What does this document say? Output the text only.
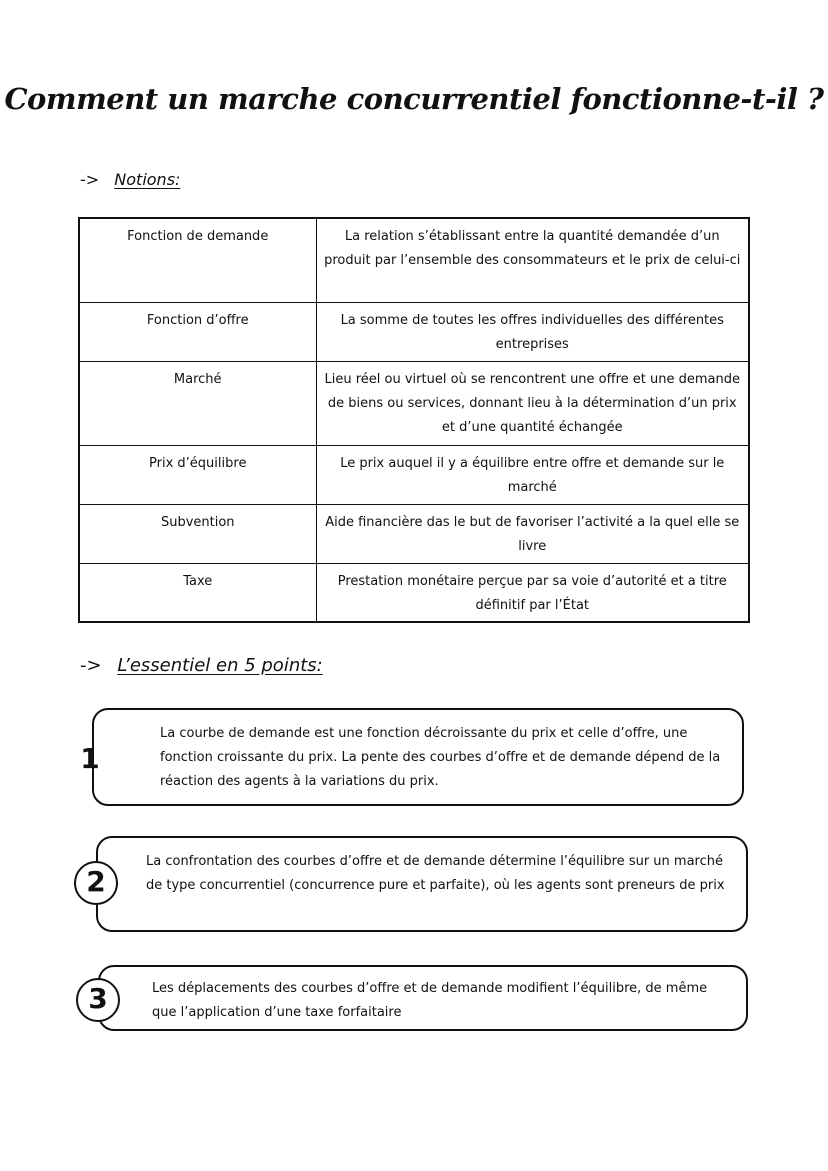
Comment un marche concurrentiel fonctionne-t-il ?
-> Notions:
Fonction de demande	La relation s’établissant entre la quantité demandée d’un produit par l’ensemble des consommateurs et le prix de celui-ci
Fonction d’offre	La somme de toutes les offres individuelles des différentes entreprises
Marché	Lieu réel ou virtuel où se rencontrent une offre et une demande de biens ou services, donnant lieu à la détermination d’un prix et d’une quantité échangée
Prix d’équilibre	Le prix auquel il y a équilibre entre offre et demande sur le marché
Subvention	Aide financière das le but de favoriser l’activité a la quel elle se livre
Taxe	Prestation monétaire perçue par sa voie d’autorité et a titre définitif par l’État
-> L’essentiel en 5 points:
La courbe de demande est une fonction décroissante du prix et celle d’offre, une fonction croissante du prix. La pente des courbes d’offre et de demande dépend de la réaction des agents à la variations du prix.
1
La confrontation des courbes d’offre et de demande détermine l’équilibre sur un marché de type concurrentiel (concurrence pure et parfaite), où les agents sont preneurs de prix
2
Les déplacements des courbes d’offre et de demande modifient l’équilibre, de même que l’application d’une taxe forfaitaire
3
